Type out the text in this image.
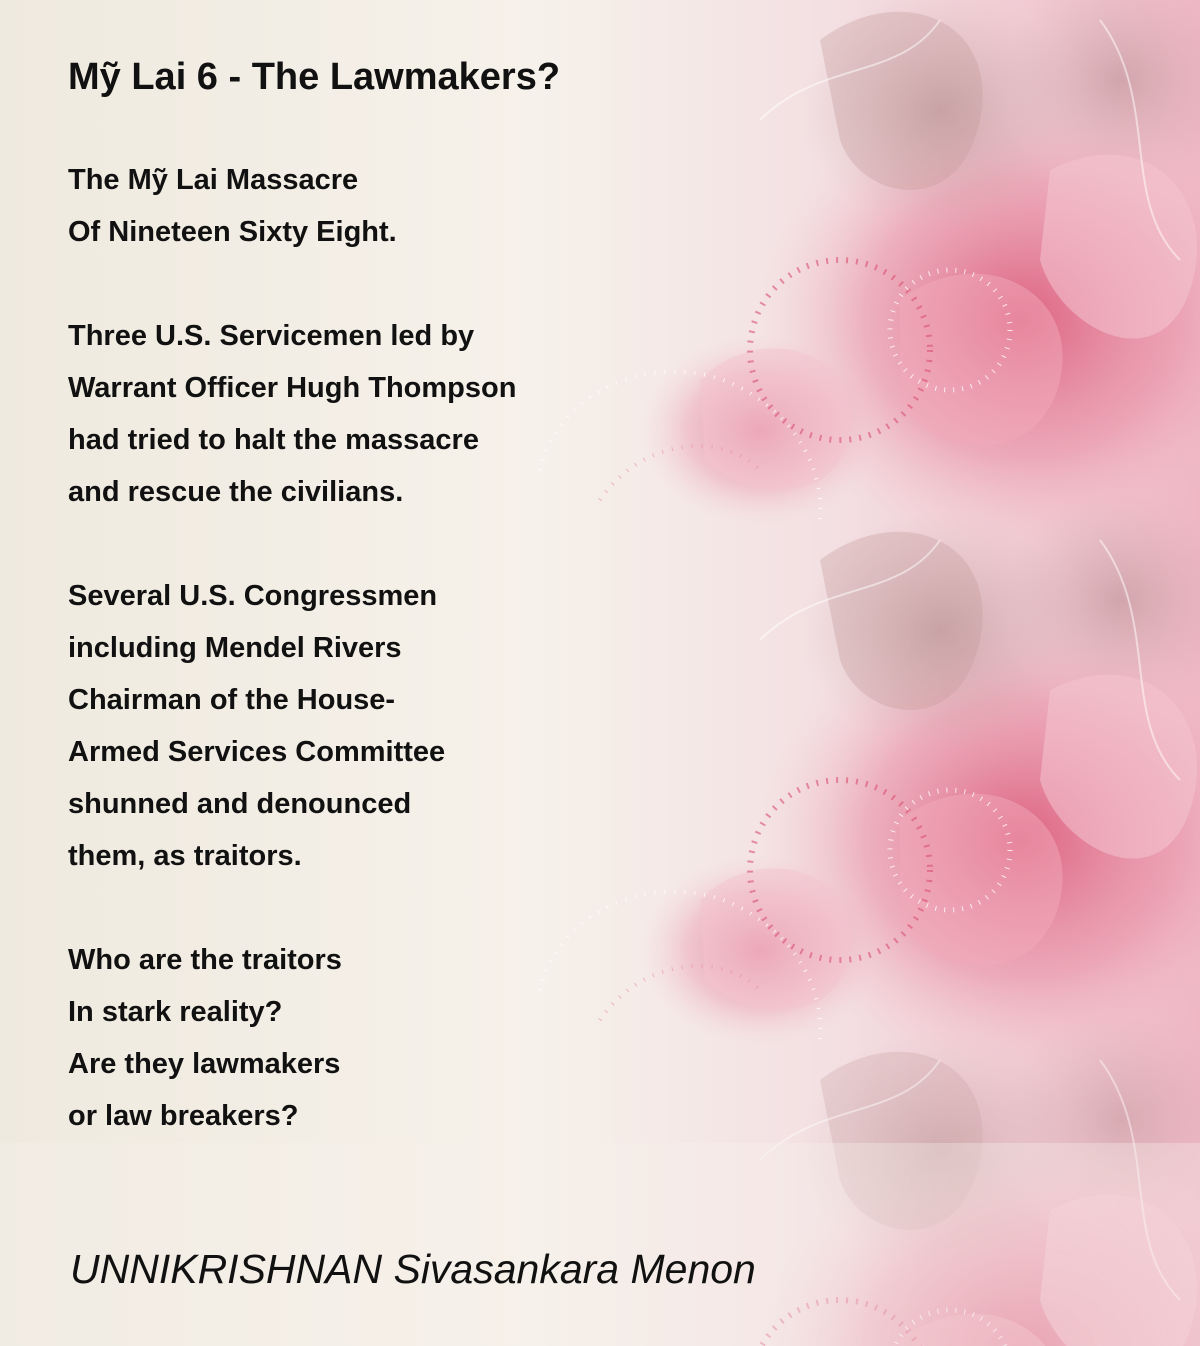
Mỹ Lai 6 - The Lawmakers?
The Mỹ Lai Massacre
Of Nineteen Sixty Eight.
Three U.S. Servicemen led by
Warrant Officer Hugh Thompson
had tried to halt the massacre
and rescue the civilians.
Several U.S. Congressmen
including Mendel Rivers
Chairman of the House-
Armed Services Committee
shunned and denounced
them, as traitors.
Who are the traitors
In stark reality?
Are they lawmakers
or law breakers?

UNNIKRISHNAN Sivasankara Menon
